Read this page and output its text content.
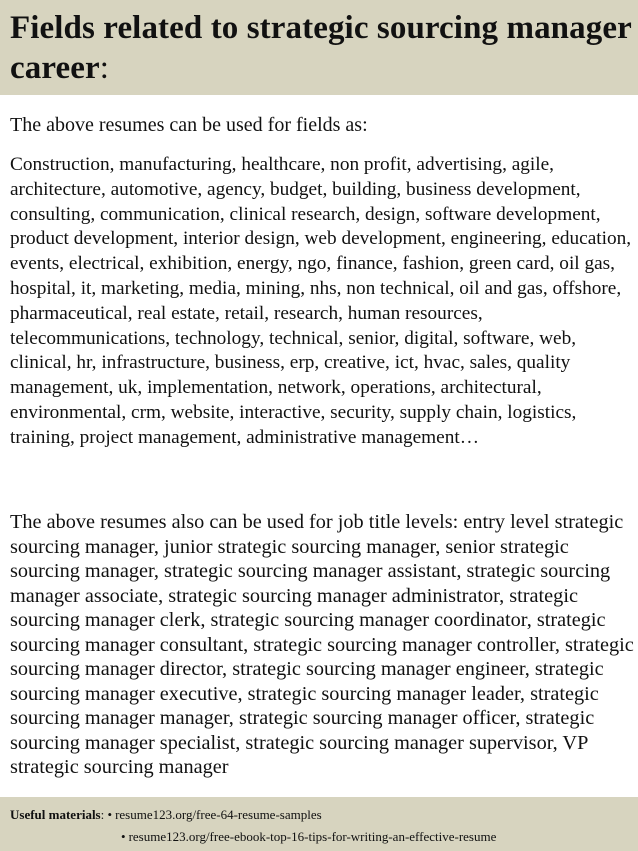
Fields related to strategic sourcing manager career:

The above resumes can be used for fields as:

Construction, manufacturing, healthcare, non profit, advertising, agile, architecture, automotive, agency, budget, building, business development, consulting, communication, clinical research, design, software development, product development, interior design, web development, engineering, education, events, electrical, exhibition, energy, ngo, finance, fashion, green card, oil gas, hospital, it, marketing, media, mining, nhs, non technical, oil and gas, offshore, pharmaceutical, real estate, retail, research, human resources, telecommunications, technology, technical, senior, digital, software, web, clinical, hr, infrastructure, business, erp, creative, ict, hvac, sales, quality management, uk, implementation, network, operations, architectural, environmental, crm, website, interactive, security, supply chain, logistics, training, project management, administrative management…

The above resumes also can be used for job title levels: entry level strategic sourcing manager, junior strategic sourcing manager, senior strategic sourcing manager, strategic sourcing manager assistant, strategic sourcing manager associate, strategic sourcing manager administrator, strategic sourcing manager clerk, strategic sourcing manager coordinator, strategic sourcing manager consultant, strategic sourcing manager controller, strategic sourcing manager director, strategic sourcing manager engineer, strategic sourcing manager executive, strategic sourcing manager leader, strategic sourcing manager manager, strategic sourcing manager officer, strategic sourcing manager specialist, strategic sourcing manager supervisor, VP strategic sourcing manager

Useful materials: • resume123.org/free-64-resume-samples
• resume123.org/free-ebook-top-16-tips-for-writing-an-effective-resume
